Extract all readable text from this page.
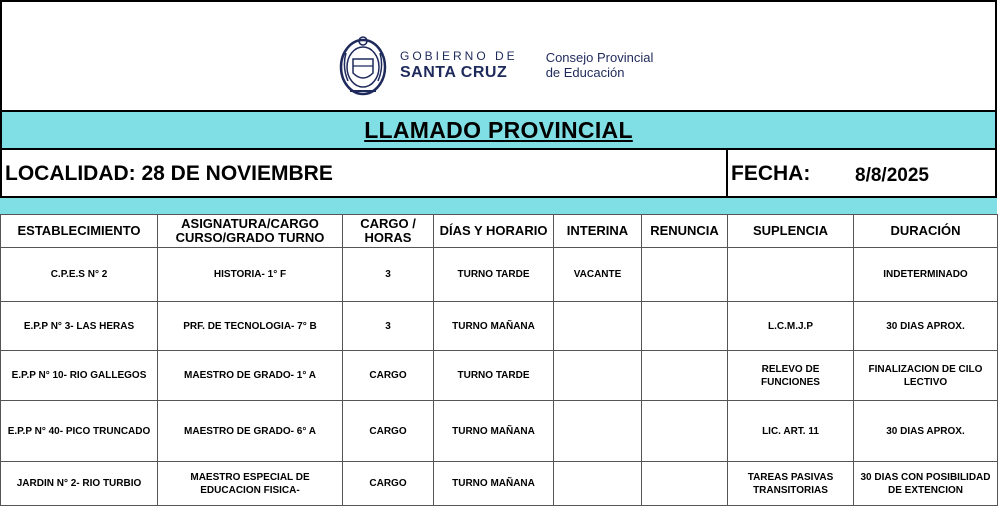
GOBIERNO DE
SANTA CRUZ
Consejo Provincial
de Educación
LLAMADO PROVINCIAL
LOCALIDAD: 28 DE NOVIEMBRE	FECHA: 8/8/2025
ESTABLECIMIENTO	ASIGNATURA/CARGO CURSO/GRADO TURNO	CARGO / HORAS	DÍAS Y HORARIO	INTERINA	RENUNCIA	SUPLENCIA	DURACIÓN
C.P.E.S N° 2	HISTORIA- 1° F	3	TURNO TARDE	VACANTE			INDETERMINADO
E.P.P N° 3- LAS HERAS	PRF. DE TECNOLOGIA- 7° B	3	TURNO MAÑANA			L.C.M.J.P	30 DIAS APROX.
E.P.P N° 10- RIO GALLEGOS	MAESTRO DE GRADO- 1° A	CARGO	TURNO TARDE			RELEVO DE FUNCIONES	FINALIZACION DE CILO LECTIVO
E.P.P N° 40- PICO TRUNCADO	MAESTRO DE GRADO- 6° A	CARGO	TURNO MAÑANA			LIC. ART. 11	30 DIAS APROX.
JARDIN N° 2- RIO TURBIO	MAESTRO ESPECIAL DE EDUCACION FISICA-	CARGO	TURNO MAÑANA			TAREAS PASIVAS TRANSITORIAS	30 DIAS CON POSIBILIDAD DE EXTENCION
